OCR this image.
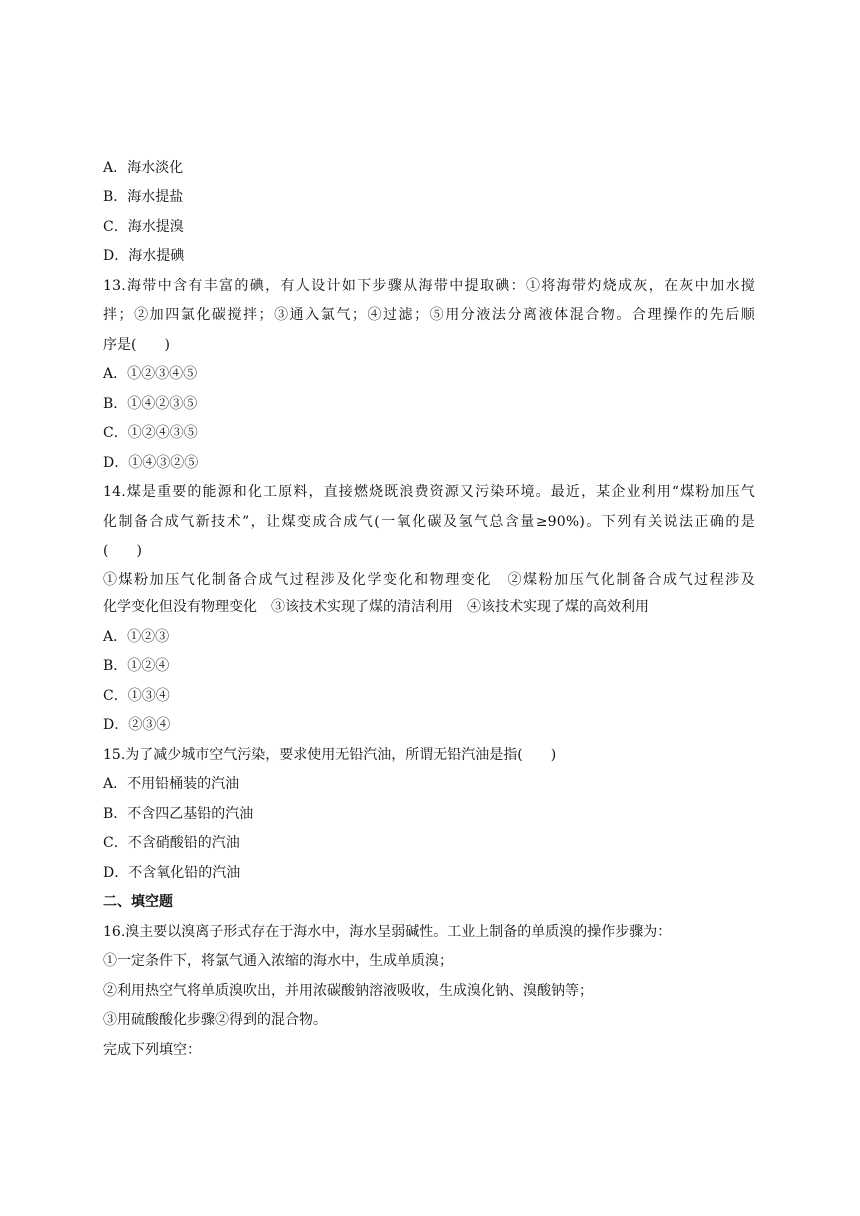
A．海水淡化
B．海水提盐
C．海水提溴
D．海水提碘
13.海带中含有丰富的碘，有人设计如下步骤从海带中提取碘：①将海带灼烧成灰，在灰中加水搅
拌；②加四氯化碳搅拌；③通入氯气；④过滤；⑤用分液法分离液体混合物。合理操作的先后顺
序是(　　)
A．①②③④⑤
B．①④②③⑤
C．①②④③⑤
D．①④③②⑤
14.煤是重要的能源和化工原料，直接燃烧既浪费资源又污染环境。最近，某企业利用“煤粉加压气
化制备合成气新技术”，让煤变成合成气(一氧化碳及氢气总含量≥90%)。下列有关说法正确的是
(　　)
①煤粉加压气化制备合成气过程涉及化学变化和物理变化　②煤粉加压气化制备合成气过程涉及
化学变化但没有物理变化　③该技术实现了煤的清洁利用　④该技术实现了煤的高效利用
A．①②③
B．①②④
C．①③④
D．②③④
15.为了减少城市空气污染，要求使用无铅汽油，所谓无铅汽油是指(　　)
A．不用铅桶装的汽油
B．不含四乙基铅的汽油
C．不含硝酸铅的汽油
D．不含氧化铅的汽油
二、填空题
16.溴主要以溴离子形式存在于海水中，海水呈弱碱性。工业上制备的单质溴的操作步骤为：
①一定条件下，将氯气通入浓缩的海水中，生成单质溴；
②利用热空气将单质溴吹出，并用浓碳酸钠溶液吸收，生成溴化钠、溴酸钠等；
③用硫酸酸化步骤②得到的混合物。
完成下列填空：
